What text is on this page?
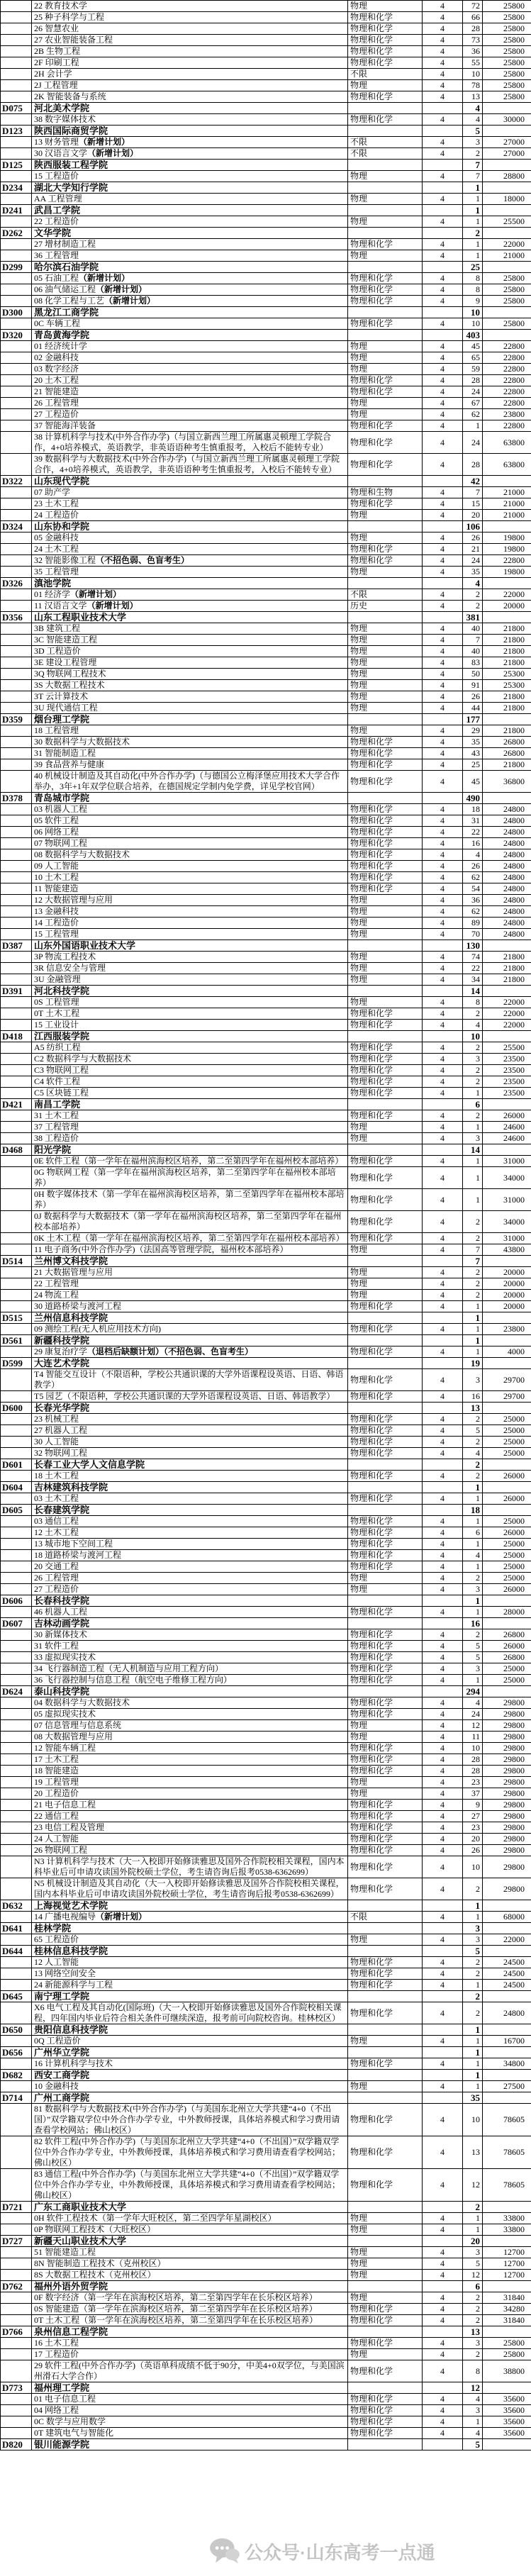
	22 教育技术学	物理	4	72	25800
	25 种子科学与工程	物理和化学	4	66	25800
	26 智慧农业	物理和化学	4	28	25800
	27 农业智能装备工程	物理和化学	4	73	25800
	2B 生物工程	物理和化学	4	36	25800
	2F 印刷工程	物理和化学	4	55	25800
	2H 会计学	不限	4	10	25800
	2J 工程管理	物理	4	78	25800
	2K 智能装备与系统	物理和化学	4	13	25800
D075	河北美术学院			4	
	38 数字媒体技术	物理和化学	4	4	30000
D123	陕西国际商贸学院			5	
	13 财务管理（新增计划）	不限	4	3	27000
	30 汉语言文学（新增计划）	不限	4	2	27000
D125	陕西服装工程学院			7	
	15 工程造价	物理	4	7	28800
D234	湖北大学知行学院			1	
	AA 工程管理	物理	4	1	18000
D241	武昌工学院			1	
	22 工程造价	物理	4	1	25500
D262	文华学院			2	
	27 增材制造工程	物理和化学	4	1	22000
	36 工程管理	物理	4	1	21000
D299	哈尔滨石油学院			25	
	05 石油工程（新增计划）	物理和化学	4	8	25800
	06 油气储运工程（新增计划）	物理和化学	4	8	25800
	08 化学工程与工艺（新增计划）	物理和化学	4	9	25800
D300	黑龙江工商学院			10	
	0C 车辆工程	物理和化学	4	10	25800
D320	青岛黄海学院			403	
	01 经济统计学	物理	4	45	22800
	02 金融科技	物理	4	65	22800
	03 数字经济	物理	4	59	22800
	20 土木工程	物理和化学	4	28	22800
	21 智能建造	物理和化学	4	24	22800
	26 工程管理	物理	4	67	22800
	27 工程造价	物理	4	62	23800
	37 智能海洋装备	物理和化学	4	1	22800
	38 计算机科学与技术(中外合作办学)（与国立新西兰理工所属惠灵顿理工学院合作，4+0培养模式，英语教学，非英语语种考生慎重报考，入校后不能转专业）	物理和化学	4	24	63800
	39 数据科学与大数据技术(中外合作办学)（与国立新西兰理工所属惠灵顿理工学院合作，4+0培养模式，英语教学，非英语语种考生慎重报考，入校后不能转专业）	物理和化学	4	28	63800
D322	山东现代学院			42	
	07 助产学	物理和生物	4	7	21000
	23 土木工程	物理和化学	4	15	21000
	24 工程造价	物理	4	20	21000
D324	山东协和学院			106	
	05 金融科技	物理	4	26	19800
	24 土木工程	物理和化学	4	21	19800
	32 智能影像工程（不招色弱、色盲考生）	物理和化学	4	24	22800
	35 工程管理	物理	4	35	19800
D326	滇池学院			4	
	01 经济学（新增计划）	不限	4	2	22000
	11 汉语言文学（新增计划）	历史	4	2	20000
D356	山东工程职业技术大学			381	
	3B 建筑工程	物理	4	40	21800
	3C 智能建造工程	物理	4	7	21800
	3D 工程造价	物理	4	40	21800
	3E 建设工程管理	物理	4	83	21800
	3Q 物联网工程技术	物理	4	50	25300
	3S 大数据工程技术	物理	4	91	25300
	3T 云计算技术	物理	4	26	21800
	3U 现代通信工程	物理	4	44	21800
D359	烟台理工学院			177	
	18 工程管理	物理	4	29	21800
	30 数据科学与大数据技术	物理和化学	4	35	26800
	31 智能制造工程	物理和化学	4	43	26800
	39 食品营养与健康	物理和化学	4	25	21800
	40 机械设计制造及其自动化(中外合作办学)（与德国公立梅泽堡应用技术大学合作举办，3年+1年双学位联合培养，在德国规定学制内免学费，详见学校官网）	物理和化学	4	45	36800
D378	青岛城市学院			490	
	03 机器人工程	物理和化学	4	18	24800
	05 软件工程	物理和化学	4	31	24800
	06 网络工程	物理和化学	4	22	24800
	07 物联网工程	物理和化学	4	16	24800
	08 数据科学与大数据技术	物理和化学	4	4	24800
	09 人工智能	物理和化学	4	26	24800
	10 土木工程	物理和化学	4	62	24800
	11 智能建造	物理和化学	4	54	24800
	12 大数据管理与应用	物理	4	36	24800
	13 金融科技	物理	4	62	24800
	14 工程造价	物理	4	89	24800
	15 工程管理	物理	4	70	24800
D387	山东外国语职业技术大学			130	
	3P 物流工程技术	物理	4	74	21800
	3R 信息安全与管理	物理	4	22	21800
	3U 金融管理	物理	4	34	21800
D391	河北科技学院			14	
	0S 工程管理	物理	4	8	22000
	0T 土木工程	物理和化学	4	2	22000
	15 工业设计	物理和化学	4	4	22000
D418	江西服装学院			10	
	A5 纺织工程	物理和化学	4	2	25500
	C2 数据科学与大数据技术	物理和化学	4	3	23500
	C3 物联网工程	物理和化学	4	2	23500
	C4 软件工程	物理和化学	4	2	23500
	C5 区块链工程	物理和化学	4	1	23500
D421	南昌工学院			6	
	31 土木工程	物理和化学	4	2	26000
	37 工程管理	物理	4	1	24600
	38 工程造价	物理	4	3	24600
D468	阳光学院			14	
	0E 软件工程（第一学年在福州滨海校区培养，第二至第四学年在福州校本部培养）	物理和化学	4	1	31000
	0G 物联网工程（第一学年在福州滨海校区培养，第二至第四学年在福州校本部培养）	物理和化学	4	1	34000
	0H 数字媒体技术（第一学年在福州滨海校区培养，第二至第四学年在福州校本部培养）	物理和化学	4	1	31000
	0J 数据科学与大数据技术（第一学年在福州滨海校区培养，第二至第四学年在福州校本部培养）	物理和化学	4	2	34000
	0K 土木工程（第一学年在福州滨海校区培养，第二至第四学年在福州校本部培养）	物理和化学	4	2	31000
	11 电子商务(中外合作办学)（法国高等管理学院，福州校本部培养）	物理	4	7	43800
D514	兰州博文科技学院			7	
	21 大数据管理与应用	物理	4	2	20000
	22 工程管理	物理	4	2	20000
	24 物流工程	物理	4	2	20000
	30 道路桥梁与渡河工程	物理和化学	4	1	20000
D515	兰州信息科技学院			1	
	09 测绘工程(无人机应用技术方向)	物理和化学	4	1	23800
D561	新疆科技学院			1	
	29 康复治疗学（退档后缺额计划）（不招色弱、色盲考生）	物理和化学	4	1	4000
D599	大连艺术学院			19	
	T4 智能交互设计（不限语种，学校公共通识课的大学外语课程设英语、日语、韩语教学）	物理和化学	4	3	29700
	T5 园艺（不限语种，学校公共通识课的大学外语课程设英语、日语、韩语教学）	物理和化学	4	16	29700
D600	长春光华学院			13	
	23 机械工程	物理和化学	4	2	25000
	27 机器人工程	物理和化学	4	5	25000
	30 人工智能	物理和化学	4	2	25000
	32 物联网工程	物理和化学	4	4	25000
D601	长春工业大学人文信息学院			2	
	18 土木工程	物理和化学	4	2	26000
D604	吉林建筑科技学院			1	
	03 土木工程	物理和化学	4	1	26000
D605	长春建筑学院			18	
	03 通信工程	物理和化学	4	1	25000
	12 土木工程	物理和化学	4	6	26000
	13 城市地下空间工程	物理和化学	4	1	25000
	18 道路桥梁与渡河工程	物理和化学	4	4	25000
	20 交通工程	物理和化学	4	1	25000
	26 工程管理	物理	4	2	25000
	27 工程造价	物理	4	3	26000
D606	长春科技学院			1	
	46 机器人工程	物理和化学	4	1	28000
D607	吉林动画学院			16	
	30 新媒体技术	物理和化学	4	2	26800
	31 软件工程	物理和化学	4	5	26000
	33 虚拟现实技术	物理和化学	4	5	26800
	34 飞行器制造工程（无人机制造与应用工程方向）	物理和化学	4	3	25000
	36 飞行器控制与信息工程（航空电子维修工程方向）	物理和化学	4	1	25000
D624	泰山科技学院			294	
	04 数据科学与大数据技术	物理和化学	4	4	29800
	05 虚拟现实技术	物理和化学	4	24	29800
	07 信息管理与信息系统	物理	4	12	29800
	08 大数据管理与应用	物理	4	11	29800
	12 智能车辆工程	物理和化学	4	10	29800
	17 土木工程	物理和化学	4	28	29800
	18 智能建造	物理和化学	4	28	29800
	19 工程管理	物理	4	23	29800
	20 工程造价	物理	4	37	29800
	21 电子信息工程	物理和化学	4	9	29800
	22 通信工程	物理和化学	4	27	29800
	23 电信工程及管理	物理和化学	4	23	29800
	24 人工智能	物理和化学	4	20	29800
	26 物联网工程	物理和化学	4	26	29800
	N3 计算机科学与技术（大一入校即开始修读雅思及国外合作院校相关课程，国内本科毕业后可申请攻读国外院校硕士学位，考生请咨询后报考0538-6362699）	物理和化学	4	10	29800
	N5 机械设计制造及其自动化（大一入校即开始修读雅思及国外合作院校相关课程，国内本科毕业后可申请攻读国外院校硕士学位，考生请咨询后报考0538-6362699）	物理和化学	4	2	29800
D632	上海视觉艺术学院			1	
	14 广播电视编导（新增计划）	不限	4	1	68000
D641	桂林学院			3	
	65 工程造价	物理	4	3	22000
D644	桂林信息科技学院			5	
	12 人工智能	物理和化学	4	2	24500
	13 网络空间安全	物理和化学	4	2	24500
	24 新能源科学与工程	物理和化学	4	1	24500
D645	南宁理工学院			2	
	X6 电气工程及其自动化(国际班)（大一入校即开始修读雅思及国外合作院校相关课程，四年国内毕业后符合相关条件可继续深造，报考前可向院校咨询。桂林校区）	物理和化学	4	2	24800
D650	贵阳信息科技学院			1	
	0Q 工程造价	物理	4	1	16700
D656	广州华立学院			1	
	16 计算机科学与技术	物理和化学	4	1	34800
D682	西安工商学院			1	
	10 金融科技	物理	4	1	27500
D714	广州工商学院			35	
	81 数据科学与大数据技术(中外合作办学)（与美国东北州立大学共建“4+0（不出国）”双学籍双学位中外合作办学专业，中外教师授课，具体培养模式和学习费用请查看学校网站；佛山校区）	物理和化学	4	10	78605
	82 软件工程(中外合作办学)（与美国东北州立大学共建“4+0（不出国）”双学籍双学位中外合作办学专业，中外教师授课，具体培养模式和学习费用请查看学校网站；佛山校区）	物理和化学	4	13	78605
	83 通信工程(中外合作办学)（与美国东北州立大学共建“4+0（不出国）”双学籍双学位中外合作办学专业，中外教师授课，具体培养模式和学习费用请查看学校网站；佛山校区）	物理和化学	4	12	78605
D721	广东工商职业技术大学			2	
	0H 软件工程技术（第一学年大旺校区，第二至四学年星湖校区）	物理	4	1	33800
	0P 物联网工程技术（大旺校区）	物理	4	1	33800
D727	新疆天山职业技术大学			20	
	51 智能建造工程	物理	4	3	12700
	8N 智能制造工程技术（克州校区）	物理	4	5	12700
	8S 大数据工程技术（克州校区）	物理	4	12	12700
D762	福州外语外贸学院			6	
	0F 数字经济（第一学年在滨海校区培养，第二至第四学年在长乐校区培养）	物理	4	2	31840
	0S 智能建造（第一学年在滨海校区培养，第二至第四学年在长乐校区培养）	物理和化学	4	2	34280
	0T 土木工程（第一学年在滨海校区培养，第二至第四学年在长乐校区培养）	物理和化学	4	2	31840
D766	泉州信息工程学院			13	
	16 土木工程	物理和化学	4	3	25800
	17 工程造价	物理	4	2	25800
	29 软件工程(中外合作办学)（英语单科成绩不低于90分，中美4+0双学位，与美国滨州滑石大学合作）	物理和化学	4	8	38800
D773	福州理工学院			12	
	01 电子信息工程	物理和化学	4	4	35600
	04 网络工程	物理和化学	4	3	35600
	0C 数学与应用数学	物理和化学	4	1	35600
	0T 建筑电气与智能化	物理和化学	4	4	35600
D820	银川能源学院			5	
公众号·山东高考一点通
